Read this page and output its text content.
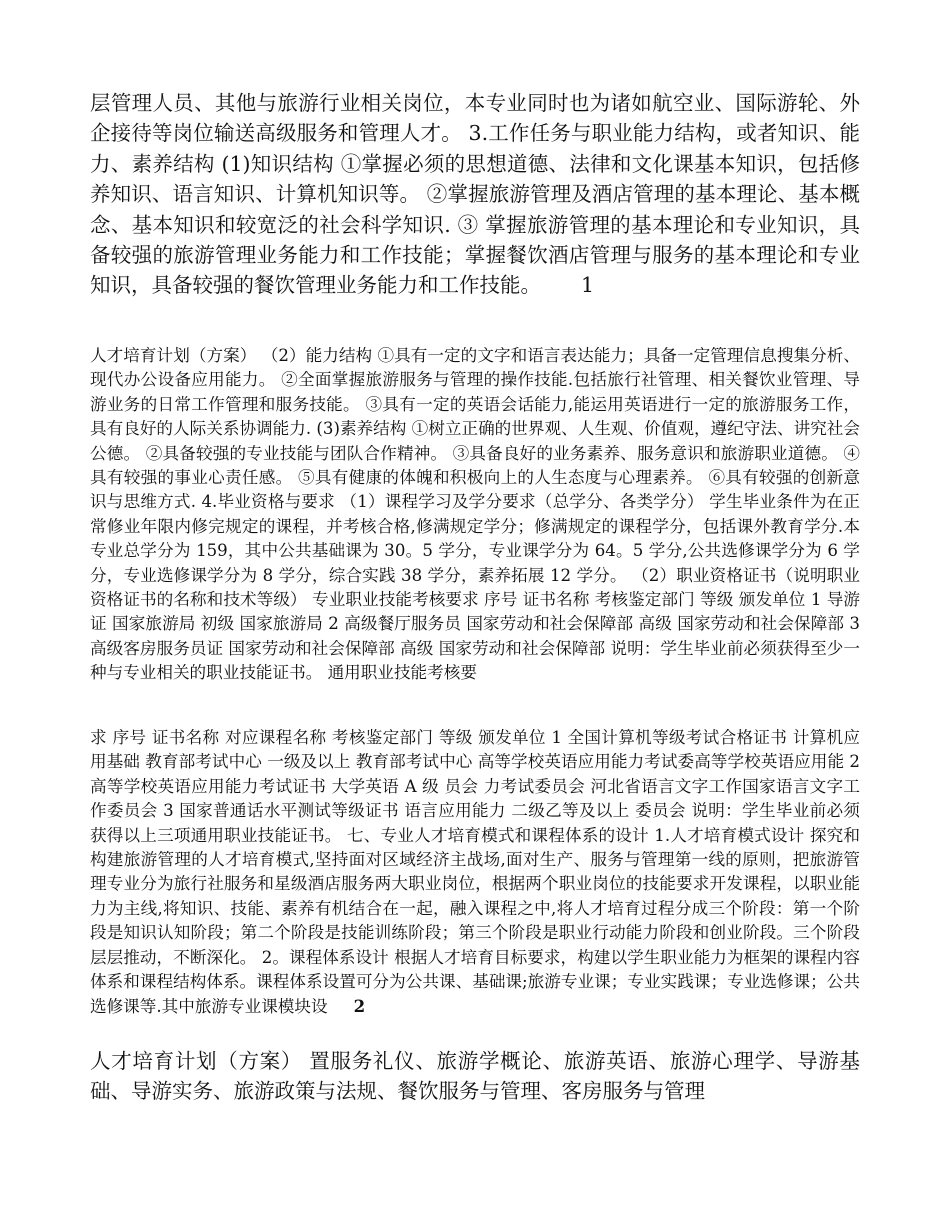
层管理人员、其他与旅游行业相关岗位，本专业同时也为诸如航空业、国际游轮、外企接待等岗位输送高级服务和管理人才。 3.工作任务与职业能力结构，或者知识、能力、素养结构 (1)知识结构 ①掌握必须的思想道德、法律和文化课基本知识，包括修养知识、语言知识、计算机知识等。 ②掌握旅游管理及酒店管理的基本理论、基本概念、基本知识和较宽泛的社会科学知识. ③ 掌握旅游管理的基本理论和专业知识，具备较强的旅游管理业务能力和工作技能；掌握餐饮酒店管理与服务的基本理论和专业知识，具备较强的餐饮管理业务能力和工作技能。 1

人才培育计划（方案） （2）能力结构 ①具有一定的文字和语言表达能力；具备一定管理信息搜集分析、现代办公设备应用能力。 ②全面掌握旅游服务与管理的操作技能.包括旅行社管理、相关餐饮业管理、导游业务的日常工作管理和服务技能。 ③具有一定的英语会话能力,能运用英语进行一定的旅游服务工作，具有良好的人际关系协调能力. (3)素养结构 ①树立正确的世界观、人生观、价值观，遵纪守法、讲究社会公德。 ②具备较强的专业技能与团队合作精神。 ③具备良好的业务素养、服务意识和旅游职业道德。 ④具有较强的事业心责任感。 ⑤具有健康的体魄和积极向上的人生态度与心理素养。 ⑥具有较强的创新意识与思维方式. 4.毕业资格与要求 （1）课程学习及学分要求（总学分、各类学分） 学生毕业条件为在正常修业年限内修完规定的课程，并考核合格,修满规定学分；修满规定的课程学分，包括课外教育学分.本专业总学分为 159，其中公共基础课为 30。5 学分，专业课学分为 64。5 学分,公共选修课学分为 6 学分，专业选修课学分为 8 学分，综合实践 38 学分，素养拓展 12 学分。 （2）职业资格证书（说明职业资格证书的名称和技术等级） 专业职业技能考核要求 序号 证书名称 考核鉴定部门 等级 颁发单位 1 导游证 国家旅游局 初级 国家旅游局 2 高级餐厅服务员 国家劳动和社会保障部 高级 国家劳动和社会保障部 3 高级客房服务员证 国家劳动和社会保障部 高级 国家劳动和社会保障部 说明：学生毕业前必须获得至少一种与专业相关的职业技能证书。 通用职业技能考核要

求 序号 证书名称 对应课程名称 考核鉴定部门 等级 颁发单位 1 全国计算机等级考试合格证书 计算机应用基础 教育部考试中心 一级及以上 教育部考试中心 高等学校英语应用能力考试委高等学校英语应用能 2 高等学校英语应用能力考试证书 大学英语 A 级 员会 力考试委员会 河北省语言文字工作国家语言文字工作委员会 3 国家普通话水平测试等级证书 语言应用能力 二级乙等及以上 委员会 说明：学生毕业前必须获得以上三项通用职业技能证书。 七、专业人才培育模式和课程体系的设计 1.人才培育模式设计 探究和构建旅游管理的人才培育模式,坚持面对区域经济主战场,面对生产、服务与管理第一线的原则，把旅游管理专业分为旅行社服务和星级酒店服务两大职业岗位，根据两个职业岗位的技能要求开发课程，以职业能力为主线,将知识、技能、素养有机结合在一起，融入课程之中,将人才培育过程分成三个阶段：第一个阶段是知识认知阶段；第二个阶段是技能训练阶段；第三个阶段是职业行动能力阶段和创业阶段。三个阶段层层推动，不断深化。 2。课程体系设计 根据人才培育目标要求，构建以学生职业能力为框架的课程内容体系和课程结构体系。课程体系设置可分为公共课、基础课;旅游专业课；专业实践课；专业选修课；公共选修课等.其中旅游专业课模块设 2

人才培育计划（方案） 置服务礼仪、旅游学概论、旅游英语、旅游心理学、导游基础、导游实务、旅游政策与法规、餐饮服务与管理、客房服务与管理
